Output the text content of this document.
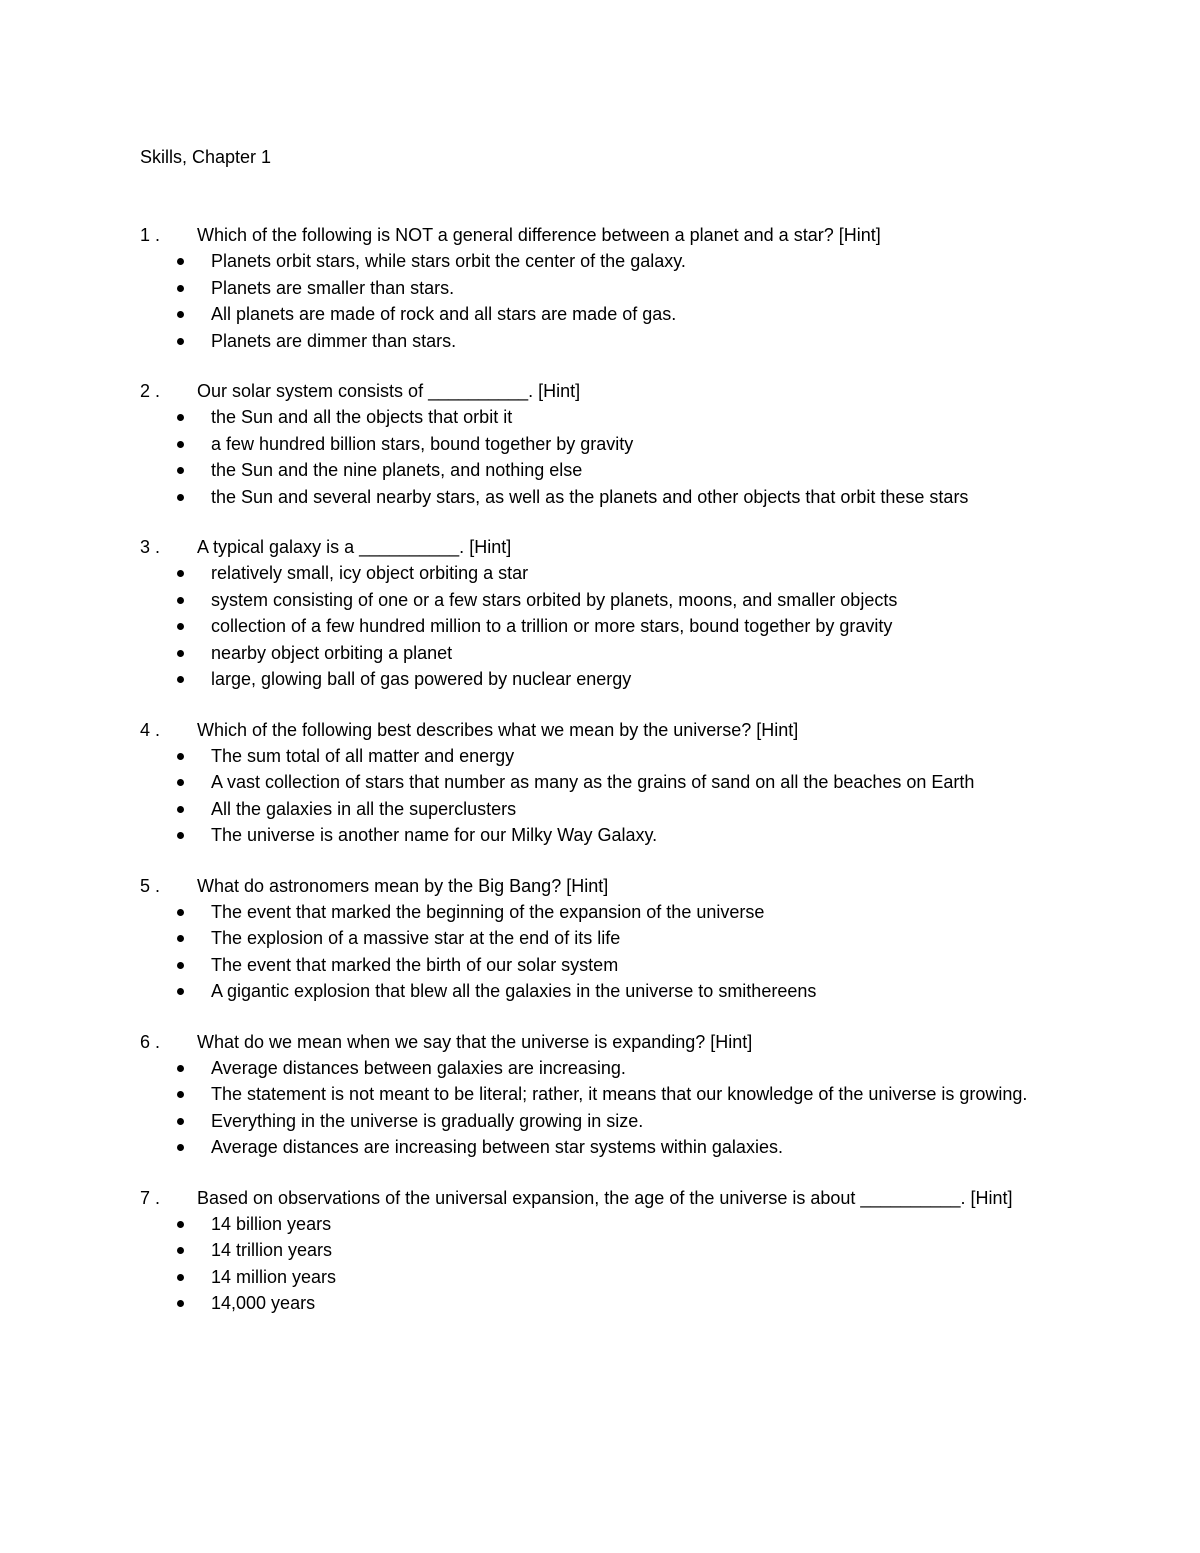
Skills, Chapter 1
1 .	Which of the following is NOT a general difference between a planet and a star? [Hint]
Planets orbit stars, while stars orbit the center of the galaxy.
Planets are smaller than stars.
All planets are made of rock and all stars are made of gas.
Planets are dimmer than stars.
2 .	Our solar system consists of __________. [Hint]
the Sun and all the objects that orbit it
a few hundred billion stars, bound together by gravity
the Sun and the nine planets, and nothing else
the Sun and several nearby stars, as well as the planets and other objects that orbit these stars
3 .	A typical galaxy is a __________. [Hint]
relatively small, icy object orbiting a star
system consisting of one or a few stars orbited by planets, moons, and smaller objects
collection of a few hundred million to a trillion or more stars, bound together by gravity
nearby object orbiting a planet
large, glowing ball of gas powered by nuclear energy
4 .	Which of the following best describes what we mean by the universe? [Hint]
The sum total of all matter and energy
A vast collection of stars that number as many as the grains of sand on all the beaches on Earth
All the galaxies in all the superclusters
The universe is another name for our Milky Way Galaxy.
5 .	What do astronomers mean by the Big Bang? [Hint]
The event that marked the beginning of the expansion of the universe
The explosion of a massive star at the end of its life
The event that marked the birth of our solar system
A gigantic explosion that blew all the galaxies in the universe to smithereens
6 .	What do we mean when we say that the universe is expanding? [Hint]
Average distances between galaxies are increasing.
The statement is not meant to be literal; rather, it means that our knowledge of the universe is growing.
Everything in the universe is gradually growing in size.
Average distances are increasing between star systems within galaxies.
7 .	Based on observations of the universal expansion, the age of the universe is about __________. [Hint]
14 billion years
14 trillion years
14 million years
14,000 years
